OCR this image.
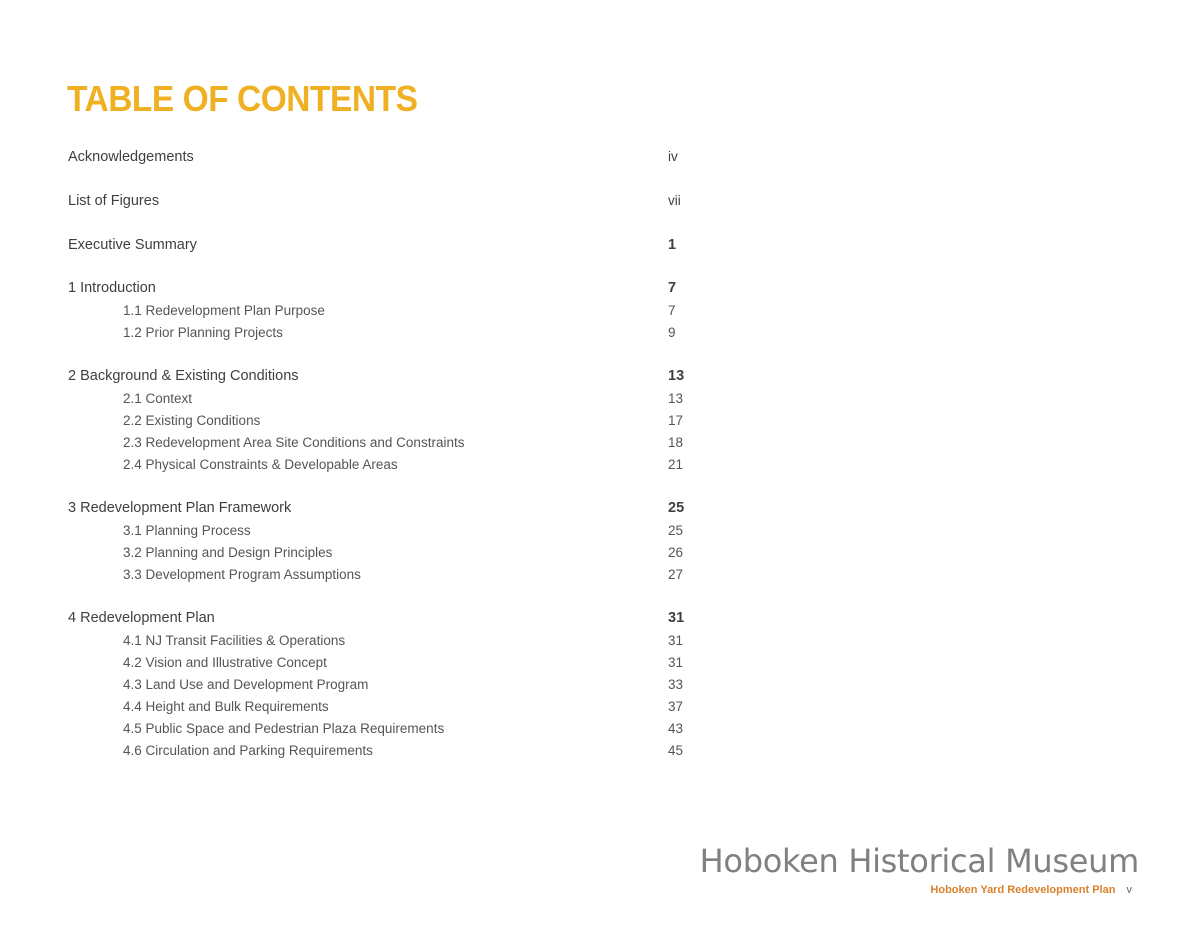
TABLE OF CONTENTS
Acknowledgements	iv
List of Figures	vii
Executive Summary	1
1 Introduction	7
1.1 Redevelopment Plan Purpose	7
1.2 Prior Planning Projects	9
2 Background & Existing Conditions	13
2.1 Context	13
2.2 Existing Conditions	17
2.3 Redevelopment Area Site Conditions and Constraints	18
2.4 Physical Constraints & Developable Areas	21
3 Redevelopment Plan Framework	25
3.1 Planning Process	25
3.2 Planning and Design Principles	26
3.3 Development Program Assumptions	27
4 Redevelopment Plan	31
4.1 NJ Transit Facilities & Operations	31
4.2 Vision and Illustrative Concept	31
4.3 Land Use and Development Program	33
4.4 Height and Bulk Requirements	37
4.5 Public Space and Pedestrian Plaza Requirements	43
4.6 Circulation and Parking Requirements	45
Hoboken Historical Museum
Hoboken Yard Redevelopment Plan v
